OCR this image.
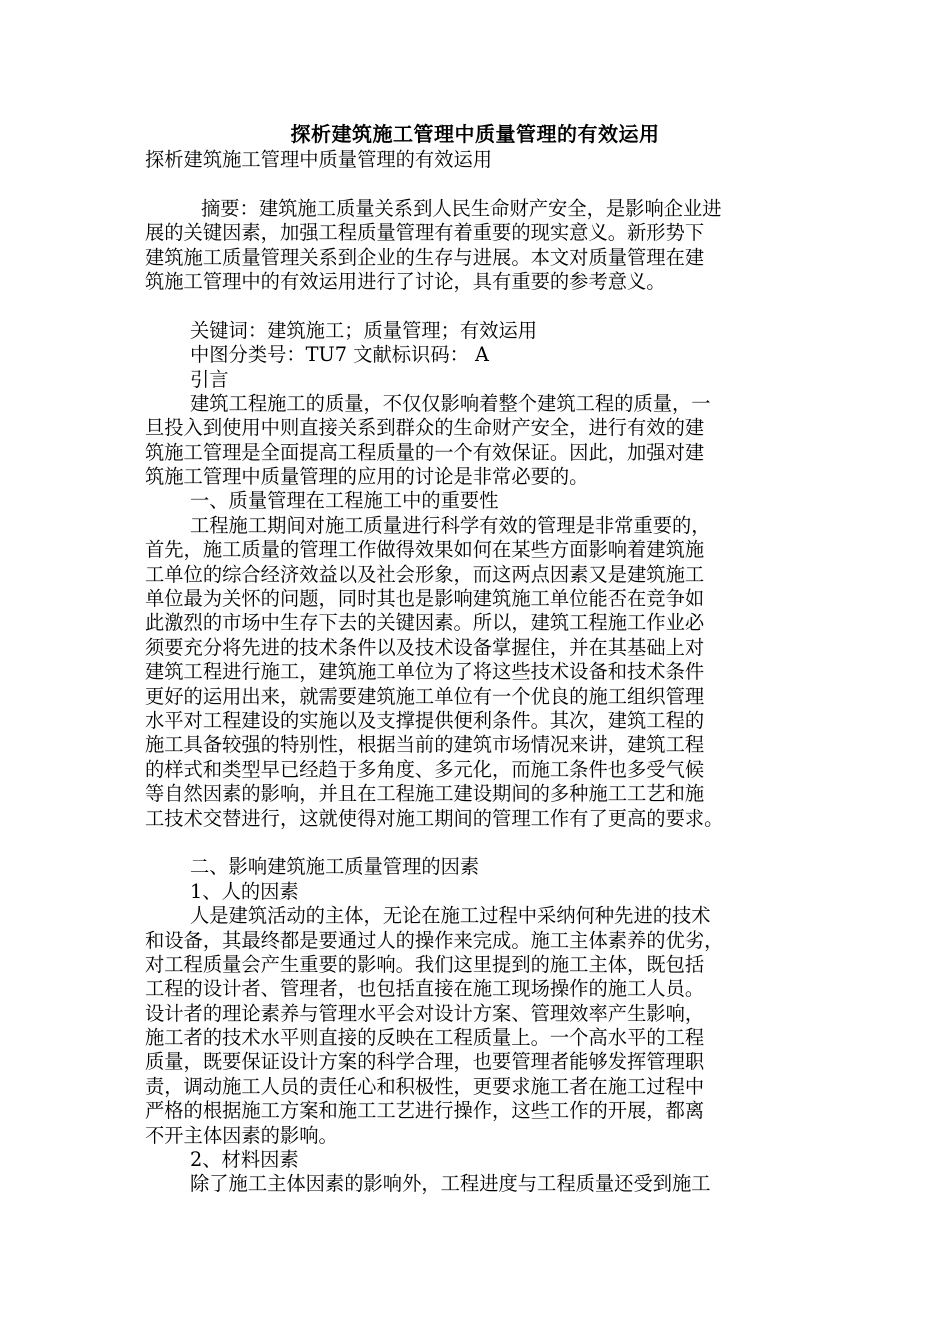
探析建筑施工管理中质量管理的有效运用
探析建筑施工管理中质量管理的有效运用
摘要：建筑施工质量关系到人民生命财产安全，是影响企业进
展的关键因素，加强工程质量管理有着重要的现实意义。新形势下
建筑施工质量管理关系到企业的生存与进展。本文对质量管理在建
筑施工管理中的有效运用进行了讨论，具有重要的参考意义。
关键词：建筑施工；质量管理；有效运用
中图分类号：TU7 文献标识码： A
引言
建筑工程施工的质量，不仅仅影响着整个建筑工程的质量，一
旦投入到使用中则直接关系到群众的生命财产安全，进行有效的建
筑施工管理是全面提高工程质量的一个有效保证。因此，加强对建
筑施工管理中质量管理的应用的讨论是非常必要的。
一、质量管理在工程施工中的重要性
工程施工期间对施工质量进行科学有效的管理是非常重要的，
首先，施工质量的管理工作做得效果如何在某些方面影响着建筑施
工单位的综合经济效益以及社会形象，而这两点因素又是建筑施工
单位最为关怀的问题，同时其也是影响建筑施工单位能否在竞争如
此激烈的市场中生存下去的关键因素。所以，建筑工程施工作业必
须要充分将先进的技术条件以及技术设备掌握住，并在其基础上对
建筑工程进行施工，建筑施工单位为了将这些技术设备和技术条件
更好的运用出来，就需要建筑施工单位有一个优良的施工组织管理
水平对工程建设的实施以及支撑提供便利条件。其次，建筑工程的
施工具备较强的特别性，根据当前的建筑市场情况来讲，建筑工程
的样式和类型早已经趋于多角度、多元化，而施工条件也多受气候
等自然因素的影响，并且在工程施工建设期间的多种施工工艺和施
工技术交替进行，这就使得对施工期间的管理工作有了更高的要求。
二、影响建筑施工质量管理的因素
1、人的因素
人是建筑活动的主体，无论在施工过程中采纳何种先进的技术
和设备，其最终都是要通过人的操作来完成。施工主体素养的优劣，
对工程质量会产生重要的影响。我们这里提到的施工主体，既包括
工程的设计者、管理者，也包括直接在施工现场操作的施工人员。
设计者的理论素养与管理水平会对设计方案、管理效率产生影响，
施工者的技术水平则直接的反映在工程质量上。一个高水平的工程
质量，既要保证设计方案的科学合理，也要管理者能够发挥管理职
责，调动施工人员的责任心和积极性，更要求施工者在施工过程中
严格的根据施工方案和施工工艺进行操作，这些工作的开展，都离
不开主体因素的影响。
2、材料因素
除了施工主体因素的影响外，工程进度与工程质量还受到施工
